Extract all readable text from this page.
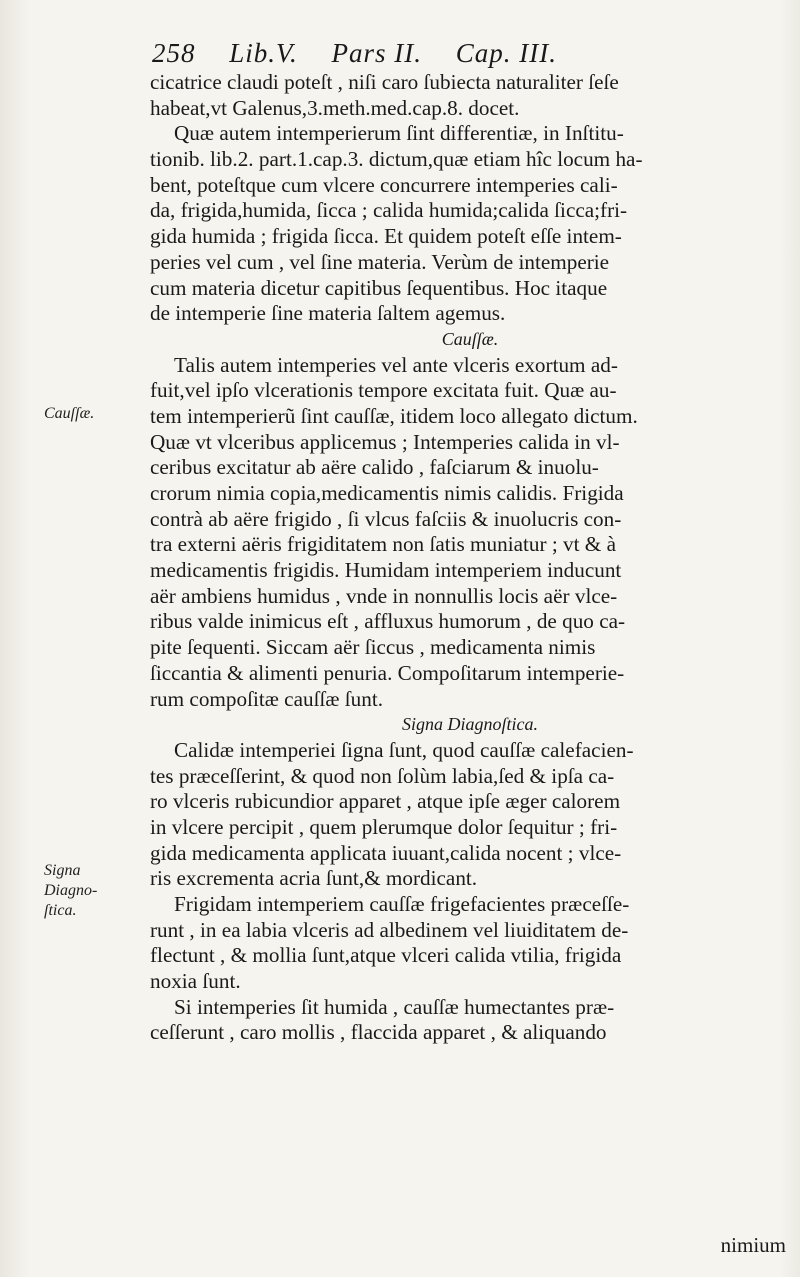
258 Lib.V. Pars II. Cap. III.
Cauſſæ.
Signa
Diagno-
ſtica.
cicatrice claudi poteſt , niſi caro ſubiecta naturaliter ſeſe
habeat,vt Galenus,3.meth.med.cap.8. docet.
Quæ autem intemperierum ſint differentiæ, in Inſtitu-
tionib. lib.2. part.1.cap.3. dictum,quæ etiam hîc locum ha-
bent, poteſtque cum vlcere concurrere intemperies cali-
da, frigida,humida, ſicca ; calida humida;calida ſicca;fri-
gida humida ; frigida ſicca. Et quidem poteſt eſſe intem-
peries vel cum , vel ſine materia. Verùm de intemperie
cum materia dicetur capitibus ſequentibus. Hoc itaque
de intemperie ſine materia ſaltem agemus.
Cauſſæ.
Talis autem intemperies vel ante vlceris exortum ad-
fuit,vel ipſo vlcerationis tempore excitata fuit. Quæ au-
tem intemperierũ ſint cauſſæ, itidem loco allegato dictum.
Quæ vt vlceribus applicemus ; Intemperies calida in vl-
ceribus excitatur ab aëre calido , faſciarum & inuolu-
crorum nimia copia,medicamentis nimis calidis. Frigida
contrà ab aëre frigido , ſi vlcus faſciis & inuolucris con-
tra externi aëris frigiditatem non ſatis muniatur ; vt & à
medicamentis frigidis. Humidam intemperiem inducunt
aër ambiens humidus , vnde in nonnullis locis aër vlce-
ribus valde inimicus eſt , affluxus humorum , de quo ca-
pite ſequenti. Siccam aër ſiccus , medicamenta nimis
ſiccantia & alimenti penuria. Compoſitarum intemperie-
rum compoſitæ cauſſæ ſunt.
Signa Diagnoſtica.
Calidæ intemperiei ſigna ſunt, quod cauſſæ calefacien-
tes præceſſerint, & quod non ſolùm labia,ſed & ipſa ca-
ro vlceris rubicundior apparet , atque ipſe æger calorem
in vlcere percipit , quem plerumque dolor ſequitur ; fri-
gida medicamenta applicata iuuant,calida nocent ; vlce-
ris excrementa acria ſunt,& mordicant.
Frigidam intemperiem cauſſæ frigefacientes præceſſe-
runt , in ea labia vlceris ad albedinem vel liuiditatem de-
flectunt , & mollia ſunt,atque vlceri calida vtilia, frigida
noxia ſunt.
Si intemperies ſit humida , cauſſæ humectantes præ-
ceſſerunt , caro mollis , flaccida apparet , & aliquando
nimium
